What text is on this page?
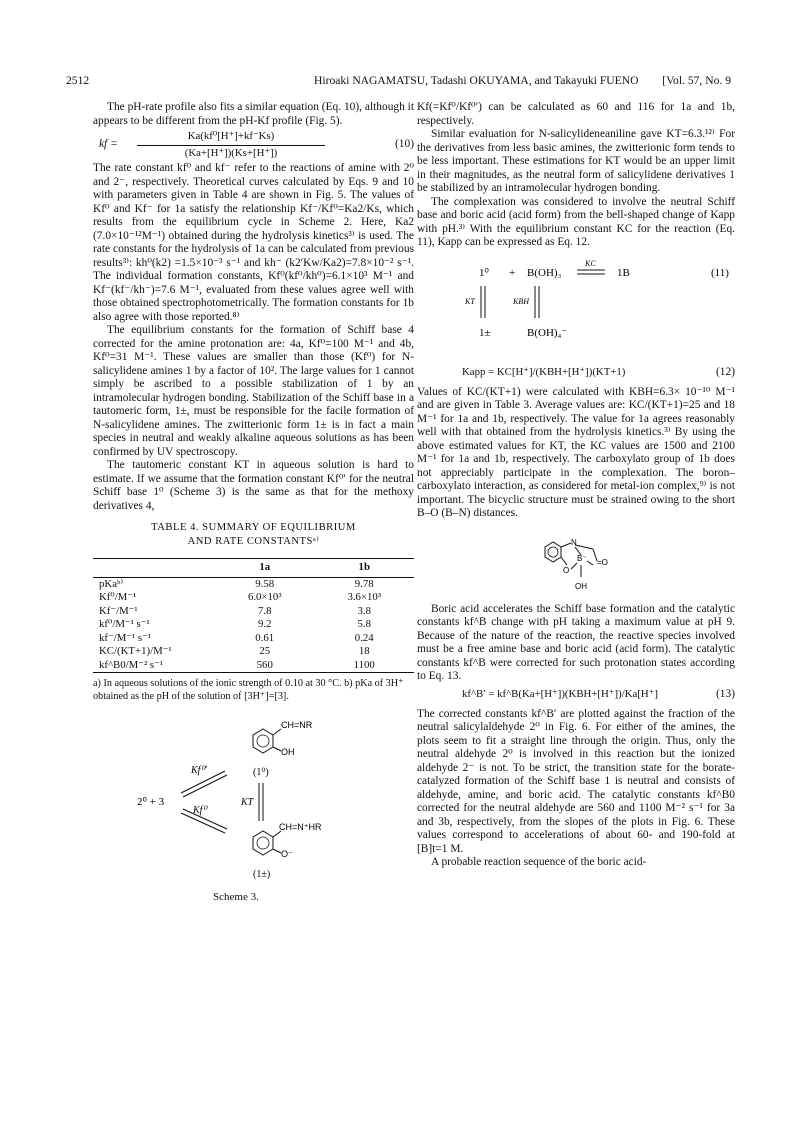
2512	Hiroaki NAGAMATSU, Tadashi OKUYAMA, and Takayuki FUENO [Vol. 57, No. 9

The pH-rate profile also fits a similar equation (Eq. 10), although it appears to be different from the pH-Kf profile (Fig. 5).

kf = $\frac{\text{Ka(kf⁰[H⁺]+kf⁻Ks)}}{(Ka+[H^+])(Ks+[H^+])}$	(10)

The rate constant kf⁰ and kf⁻ refer to the reactions of amine with 2⁰ and 2⁻, respectively. Theoretical curves calculated by Eqs. 9 and 10 with parameters given in Table 4 are shown in Fig. 5. The values of Kf⁰ and Kf⁻ for 1a satisfy the relationship Kf⁻/Kf⁰=Ka2/Ks, which results from the equilibrium cycle in Scheme 2. Here, Ka2 (7.0×10⁻¹²M⁻¹) obtained during the hydrolysis kinetics³⁾ is used. The rate constants for the hydrolysis of 1a can be calculated from previous results³⁾: kh⁰(k2) =1.5×10⁻³ s⁻¹ and kh⁻ (k2′Kw/Ka2)=7.8×10⁻² s⁻¹. The individual formation constants, Kf⁰(kf⁰/kh⁰)=6.1×10³ M⁻¹ and Kf⁻(kf⁻/kh⁻)=7.6 M⁻¹, evaluated from these values agree well with those obtained spectrophotometrically. The formation constants for 1b also agree with those reported.⁸⁾

The equilibrium constants for the formation of Schiff base 4 corrected for the amine protonation are: 4a, Kf⁰=100 M⁻¹ and 4b, Kf⁰=31 M⁻¹. These values are smaller than those (Kf⁰) for N-salicylidene amines 1 by a factor of 10². The large values for 1 cannot simply be ascribed to a possible stabilization of 1 by an intramolecular hydrogen bonding. Stabilization of the Schiff base in a tautomeric form, 1±, must be responsible for the facile formation of N-salicylidene amines. The zwitterionic form 1± is in fact a main species in neutral and weakly alkaline aqueous solutions as has been confirmed by UV spectroscopy.

The tautomeric constant KT in aqueous solution is hard to estimate. If we assume that the formation constant Kf⁰′ for the neutral Schiff base 1⁰ (Scheme 3) is the same as that for the methoxy derivatives 4,

TABLE 4. SUMMARY OF EQUILIBRIUM
AND RATE CONSTANTSᵃ⁾
	1a	1b
pKaᵇ⁾	9.58	9.78
Kf⁰/M⁻¹	6.0×10³	3.6×10³
Kf⁻/M⁻¹	7.8	3.8
kf⁰/M⁻¹ s⁻¹	9.2	5.8
kf⁻/M⁻¹ s⁻¹	0.61	0.24
KC/(KT+1)/M⁻¹	25	18
kf^B0/M⁻² s⁻¹	560	1100

a) In aqueous solutions of the ionic strength of 0.10 at 30 °C. b) pKa of 3H⁺ obtained as the pH of the solution of [3H⁺]=[3].

2⁰ + 3
Kf⁰′
Kf⁰
CH=NR
OH
(1⁰)
KT
CH=N⁺HR
O⁻
(1±)
Scheme 3.

Kf(=Kf⁰/Kf⁰′) can be calculated as 60 and 116 for 1a and 1b, respectively.

Similar evaluation for N-salicylideneaniline gave KT=6.3.¹²⁾ For the derivatives from less basic amines, the zwitterionic form tends to be less important. These estimations for KT would be an upper limit in their magnitudes, as the neutral form of salicylidene derivatives 1 be stabilized by an intramolecular hydrogen bonding.

The complexation was considered to involve the neutral Schiff base and boric acid (acid form) from the bell-shaped change of Kapp with pH.³⁾ With the equilibrium constant KC for the reaction (Eq. 11), Kapp can be expressed as Eq. 12.

1⁰ + B(OH)₃
KC
1B	(11)
KT	KBH
1±	B(OH)₄⁻
Kapp = KC[H⁺]/(KBH+[H⁺])(KT+1)	(12)

Values of KC/(KT+1) were calculated with KBH=6.3× 10⁻¹⁰ M⁻¹ and are given in Table 3. Average values are: KC/(KT+1)=25 and 18 M⁻¹ for 1a and 1b, respectively. The value for 1a agrees reasonably well with that obtained from the hydrolysis kinetics.³⁾ By using the above estimated values for KT, the KC values are 1500 and 2100 M⁻¹ for 1a and 1b, respectively. The carboxylato group of 1b does not appreciably participate in the complexation. The boron–carboxylato interaction, as considered for metal-ion complex,⁹⁾ is not important. The bicyclic structure must be strained owing to the short B–O (B–N) distances.

N
O
B⁻ =O
OH

Boric acid accelerates the Schiff base formation and the catalytic constants kf^B change with pH taking a maximum value at pH 9. Because of the nature of the reaction, the reactive species involved must be a free amine base and boric acid (acid form). The catalytic constants kf^B were corrected for such protonation states according to Eq. 13.

kf^B′ = kf^B(Ka+[H⁺])(KBH+[H⁺])/Ka[H⁺]	(13)

The corrected constants kf^B′ are plotted against the fraction of the neutral salicylaldehyde 2⁰ in Fig. 6. For either of the amines, the plots seem to fit a straight line through the origin. Thus, only the neutral aldehyde 2⁰ is involved in this reaction but the ionized aldehyde 2⁻ is not. To be strict, the transition state for the borate-catalyzed formation of the Schiff base 1 is neutral and consists of aldehyde, amine, and boric acid. The catalytic constants kf^B0 corrected for the neutral aldehyde are 560 and 1100 M⁻² s⁻¹ for 3a and 3b, respectively, from the slopes of the plots in Fig. 6. These values correspond to accelerations of about 60- and 190-fold at [B]t=1 M.

A probable reaction sequence of the boric acid-
